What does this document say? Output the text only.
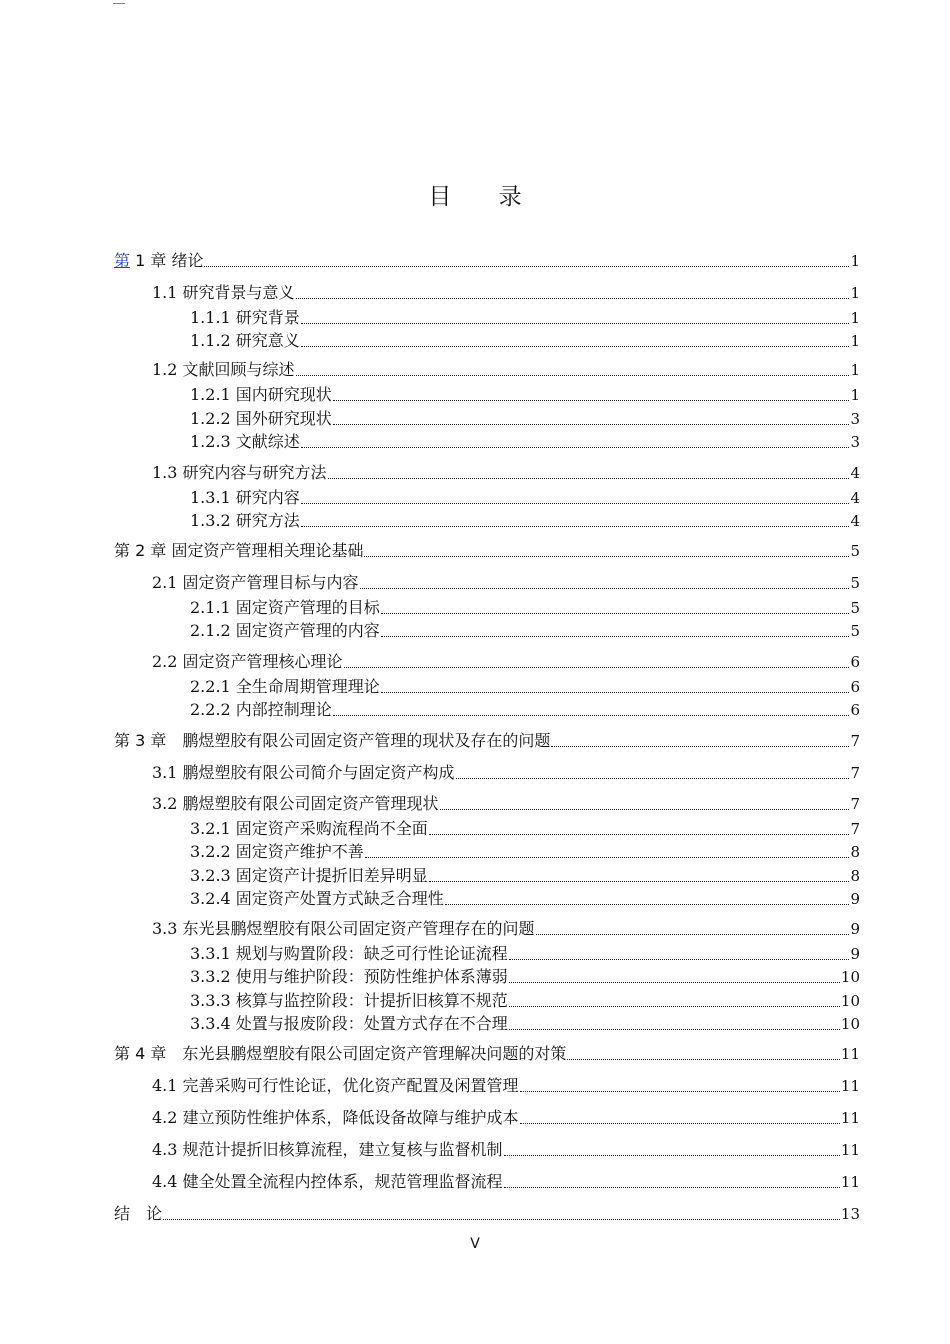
目 录
第 1 章 绪论	1
1.1 研究背景与意义	1
1.1.1 研究背景	1
1.1.2 研究意义	1
1.2 文献回顾与综述	1
1.2.1 国内研究现状	1
1.2.2 国外研究现状	3
1.2.3 文献综述	3
1.3 研究内容与研究方法	4
1.3.1 研究内容	4
1.3.2 研究方法	4
第 2 章 固定资产管理相关理论基础	5
2.1 固定资产管理目标与内容	5
2.1.1 固定资产管理的目标	5
2.1.2 固定资产管理的内容	5
2.2 固定资产管理核心理论	6
2.2.1 全生命周期管理理论	6
2.2.2 内部控制理论	6
第 3 章　鹏煜塑胶有限公司固定资产管理的现状及存在的问题	7
3.1 鹏煜塑胶有限公司简介与固定资产构成	7
3.2 鹏煜塑胶有限公司固定资产管理现状	7
3.2.1 固定资产采购流程尚不全面	7
3.2.2 固定资产维护不善	8
3.2.3 固定资产计提折旧差异明显	8
3.2.4 固定资产处置方式缺乏合理性	9
3.3 东光县鹏煜塑胶有限公司固定资产管理存在的问题	9
3.3.1 规划与购置阶段：缺乏可行性论证流程	9
3.3.2 使用与维护阶段：预防性维护体系薄弱	10
3.3.3 核算与监控阶段：计提折旧核算不规范	10
3.3.4 处置与报废阶段：处置方式存在不合理	10
第 4 章　东光县鹏煜塑胶有限公司固定资产管理解决问题的对策	11
4.1 完善采购可行性论证，优化资产配置及闲置管理	11
4.2 建立预防性维护体系，降低设备故障与维护成本	11
4.3 规范计提折旧核算流程，建立复核与监督机制	11
4.4 健全处置全流程内控体系，规范管理监督流程	11
结　论	13
V
